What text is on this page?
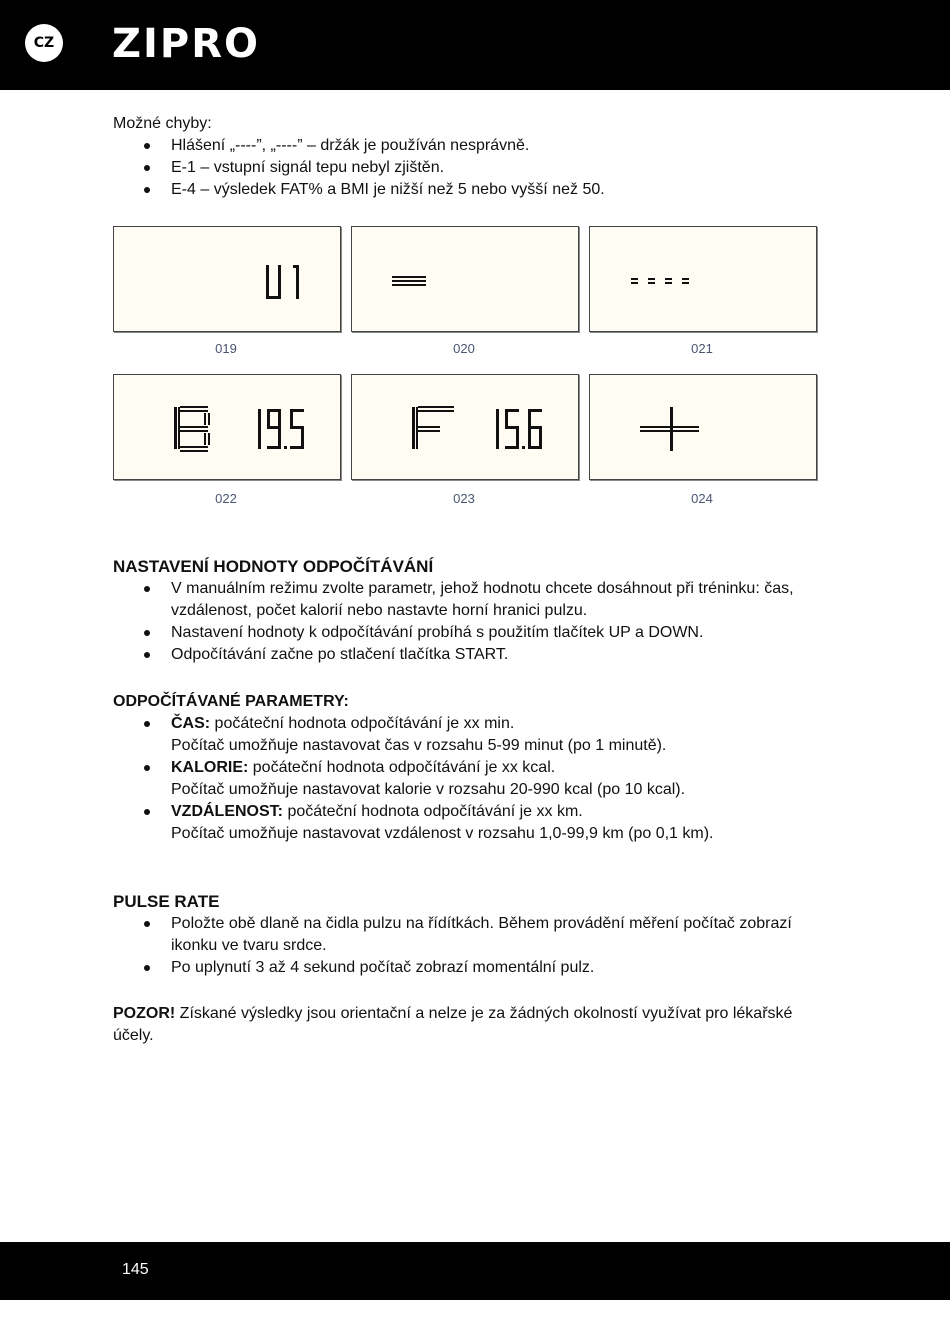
CZ ZIPRO

Možné chyby:

Hlášení „----”, „----” – držák je používán nesprávně.
E-1 – vstupní signál tepu nebyl zjištěn.
E-4 – výsledek FAT% a BMI je nižší než 5 nebo vyšší než 50.
019	020	021
022	023	024
NASTAVENÍ HODNOTY ODPOČÍTÁVÁNÍ
V manuálním režimu zvolte parametr, jehož hodnotu chcete dosáhnout při tréninku: čas, vzdálenost, počet kalorií nebo nastavte horní hranici pulzu.
Nastavení hodnoty k odpočítávání probíhá s použitím tlačítek UP a DOWN.
Odpočítávání začne po stlačení tlačítka START.
ODPOČÍTÁVANÉ PARAMETRY:
ČAS: počáteční hodnota odpočítávání je xx min.
Počítač umožňuje nastavovat čas v rozsahu 5-99 minut (po 1 minutě).
KALORIE: počáteční hodnota odpočítávání je xx kcal.
Počítač umožňuje nastavovat kalorie v rozsahu 20-990 kcal (po 10 kcal).
VZDÁLENOST: počáteční hodnota odpočítávání je xx km.
Počítač umožňuje nastavovat vzdálenost v rozsahu 1,0-99,9 km (po 0,1 km).
PULSE RATE
Položte obě dlaně na čidla pulzu na řídítkách. Během provádění měření počítač zobrazí ikonku ve tvaru srdce.
Po uplynutí 3 až 4 sekund počítač zobrazí momentální pulz.

POZOR! Získané výsledky jsou orientační a nelze je za žádných okolností využívat pro lékařské účely.

145
